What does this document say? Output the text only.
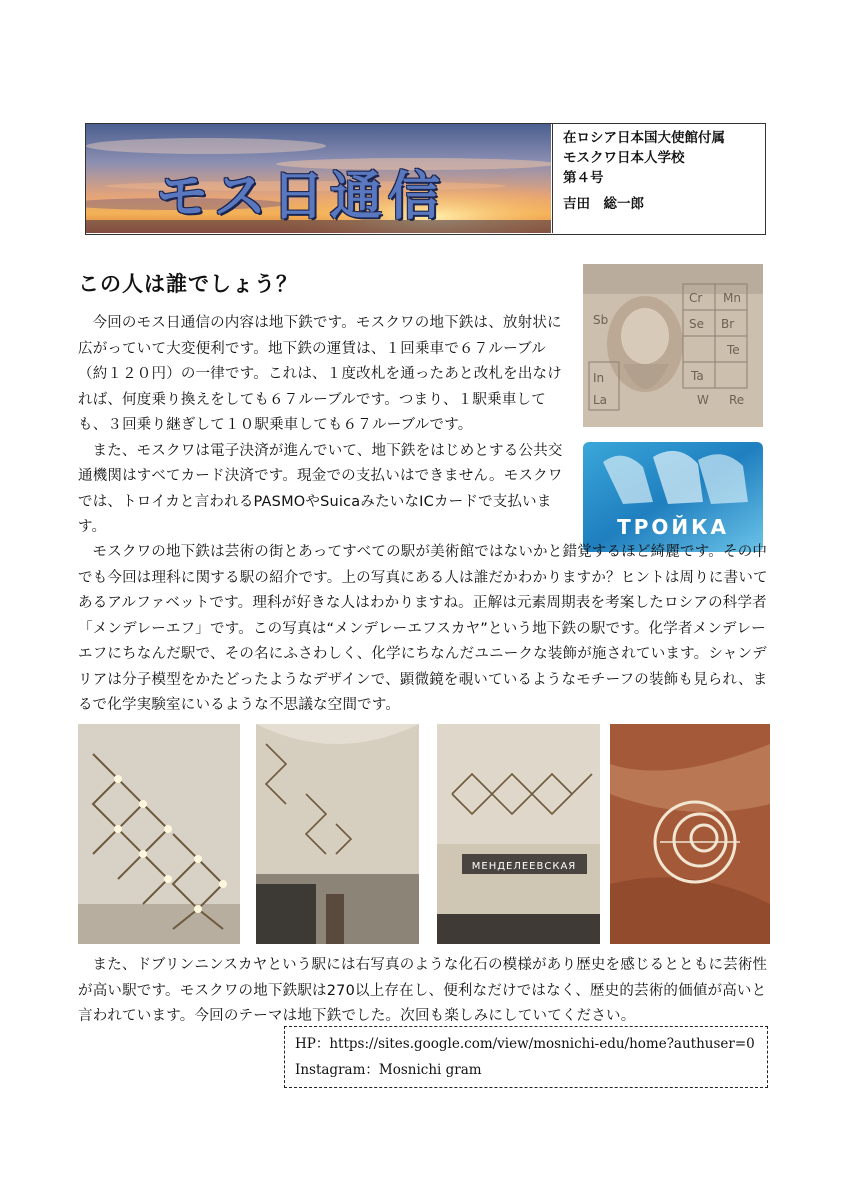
モス日通信
在ロシア日本国大使館付属
モスクワ日本人学校
第４号
吉田　総一郎
この人は誰でしょう？
Cr Mn
Br
Se
Te
Sb
Ta
W Re
In
La
ТРОЙКА

今回のモス日通信の内容は地下鉄です。モスクワの地下鉄は、放射状に広がっていて大変便利です。地下鉄の運賃は、１回乗車で６７ルーブル（約１２０円）の一律です。これは、１度改札を通ったあと改札を出なければ、何度乗り換えをしても６７ルーブルです。つまり、１駅乗車しても、３回乗り継ぎして１０駅乗車しても６７ルーブルです。

また、モスクワは電子決済が進んでいて、地下鉄をはじめとする公共交通機関はすべてカード決済です。現金での支払いはできません。モスクワでは、トロイカと言われるPASMOやSuicaみたいなICカードで支払います。

モスクワの地下鉄は芸術の街とあってすべての駅が美術館ではないかと錯覚するほど綺麗です。その中でも今回は理科に関する駅の紹介です。上の写真にある人は誰だかわかりますか？ヒントは周りに書いてあるアルファベットです。理科が好きな人はわかりますね。正解は元素周期表を考案したロシアの科学者「メンデレーエフ」です。この写真は“メンデレーエフスカヤ”という地下鉄の駅です。化学者メンデレーエフにちなんだ駅で、その名にふさわしく、化学にちなんだユニークな装飾が施されています。シャンデリアは分子模型をかたどったようなデザインで、顕微鏡を覗いているようなモチーフの装飾も見られ、まるで化学実験室にいるような不思議な空間です。

МЕНДЕЛЕЕВСКАЯ

また、ドブリンニンスカヤという駅には右写真のような化石の模様があり歴史を感じるとともに芸術性が高い駅です。モスクワの地下鉄駅は270以上存在し、便利なだけではなく、歴史的芸術的価値が高いと言われています。今回のテーマは地下鉄でした。次回も楽しみにしていてください。

HP：https://sites.google.com/view/mosnichi-edu/home?authuser=0
Instagram：Mosnichi gram
